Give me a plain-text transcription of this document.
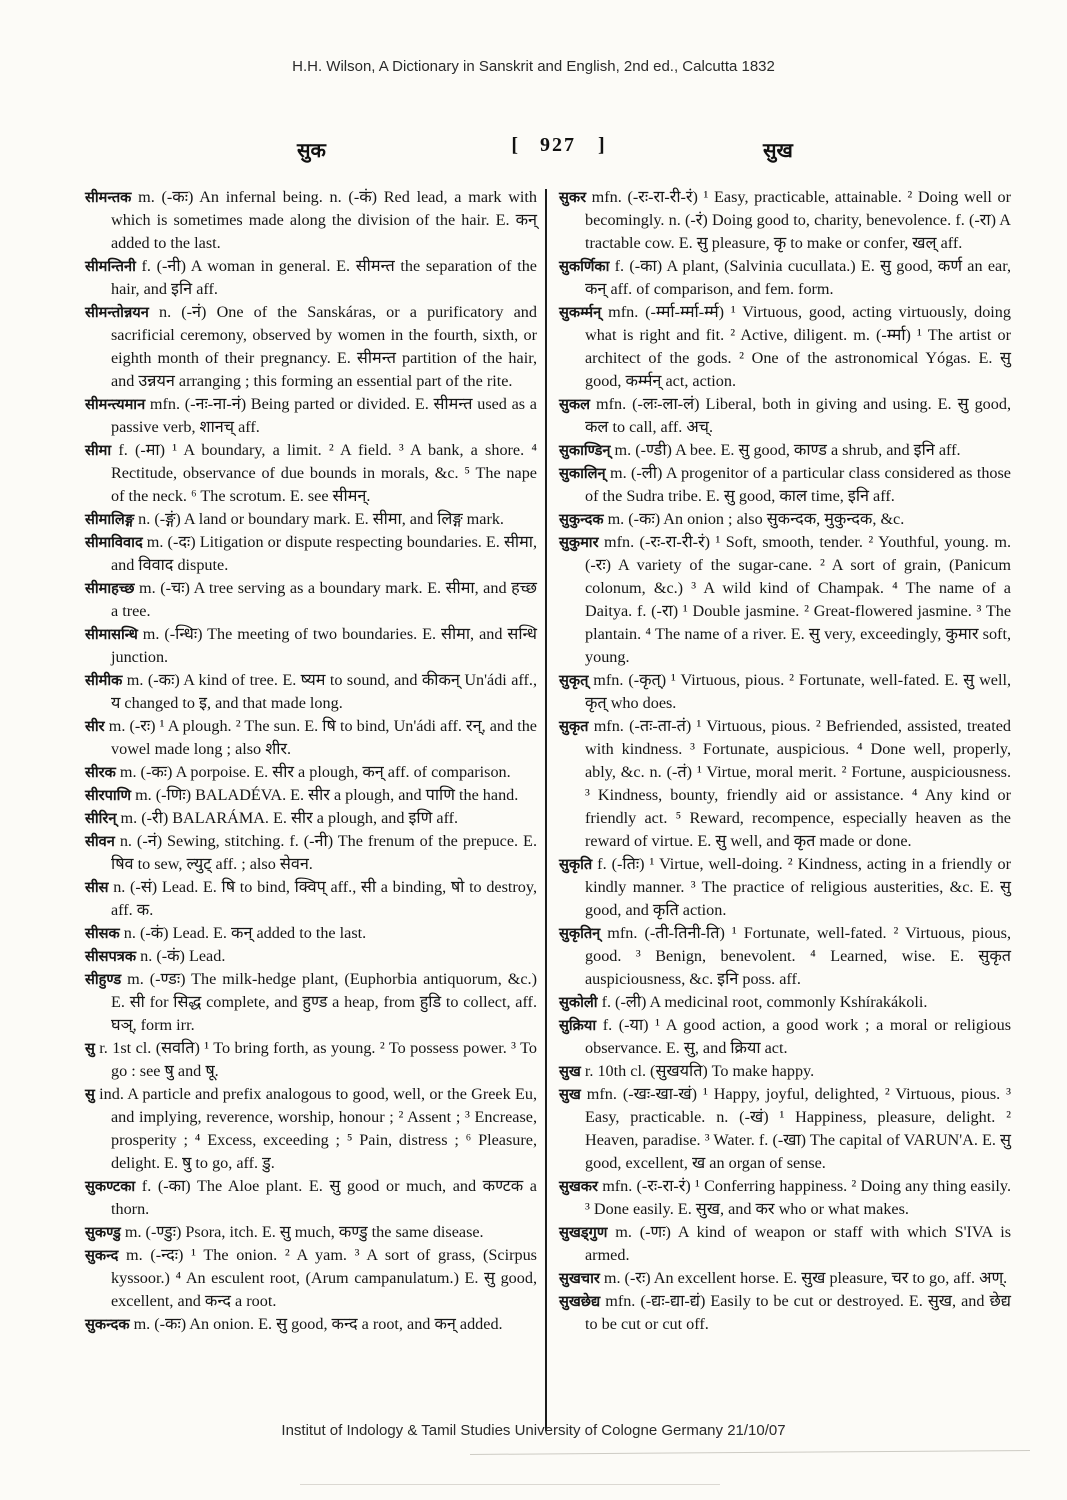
H.H. Wilson, A Dictionary in Sanskrit and English, 2nd ed., Calcutta 1832
सुक	[ 927 ]	सुख
सीमन्तक m. (-कः) An infernal being. n. (-कं) Red lead, a mark with which is sometimes made along the division of the hair. E. कन् added to the last.
सीमन्तिनी f. (-नी) A woman in general. E. सीमन्त the separation of the hair, and इनि aff.
सीमन्तोन्नयन n. (-नं) One of the Sanskáras, or a purificatory and sacrificial ceremony, observed by women in the fourth, sixth, or eighth month of their pregnancy. E. सीमन्त partition of the hair, and उन्नयन arranging ; this forming an essential part of the rite.
सीमन्त्यमान mfn. (-नः-ना-नं) Being parted or divided. E. सीमन्त used as a passive verb, शानच् aff.
सीमा f. (-मा) ¹ A boundary, a limit. ² A field. ³ A bank, a shore. ⁴ Rectitude, observance of due bounds in morals, &c. ⁵ The nape of the neck. ⁶ The scrotum. E. see सीमन्.
सीमालिङ्ग n. (-ङ्गं) A land or boundary mark. E. सीमा, and लिङ्ग mark.
सीमाविवाद m. (-दः) Litigation or dispute respecting boundaries. E. सीमा, and विवाद dispute.
सीमाहच्छ m. (-चः) A tree serving as a boundary mark. E. सीमा, and हच्छ a tree.
सीमासन्धि m. (-न्धिः) The meeting of two boundaries. E. सीमा, and सन्धि junction.
सीमीक m. (-कः) A kind of tree. E. ष्यम to sound, and कीकन् Un'ádi aff., य changed to इ, and that made long.
सीर m. (-रः) ¹ A plough. ² The sun. E. षि to bind, Un'ádi aff. रन्, and the vowel made long ; also शीर.
सीरक m. (-कः) A porpoise. E. सीर a plough, कन् aff. of comparison.
सीरपाणि m. (-णिः) BALADÉVA. E. सीर a plough, and पाणि the hand.
सीरिन् m. (-री) BALARÁMA. E. सीर a plough, and इणि aff.
सीवन n. (-नं) Sewing, stitching. f. (-नी) The frenum of the prepuce. E. षिव to sew, ल्युट् aff. ; also सेवन.
सीस n. (-सं) Lead. E. षि to bind, क्विप् aff., सी a binding, षो to destroy, aff. क.
सीसक n. (-कं) Lead. E. कन् added to the last.
सीसपत्रक n. (-कं) Lead.
सीहुण्ड m. (-ण्डः) The milk-hedge plant, (Euphorbia antiquorum, &c.) E. सी for सिद्ध complete, and हुण्ड a heap, from हुडि to collect, aff. घञ्, form irr.
सु r. 1st cl. (सवति) ¹ To bring forth, as young. ² To possess power. ³ To go : see षु and षू.
सु ind. A particle and prefix analogous to good, well, or the Greek Eu, and implying, reverence, worship, honour ; ² Assent ; ³ Encrease, prosperity ; ⁴ Excess, exceeding ; ⁵ Pain, distress ; ⁶ Pleasure, delight. E. षु to go, aff. डु.
सुकण्टका f. (-का) The Aloe plant. E. सु good or much, and कण्टक a thorn.
सुकण्डु m. (-ण्डुः) Psora, itch. E. सु much, कण्डु the same disease.
सुकन्द m. (-न्दः) ¹ The onion. ² A yam. ³ A sort of grass, (Scirpus kyssoor.) ⁴ An esculent root, (Arum campanulatum.) E. सु good, excellent, and कन्द a root.
सुकन्दक m. (-कः) An onion. E. सु good, कन्द a root, and कन् added.
सुकर mfn. (-रः-रा-री-रं) ¹ Easy, practicable, attainable. ² Doing well or becomingly. n. (-रं) Doing good to, charity, benevolence. f. (-रा) A tractable cow. E. सु pleasure, कृ to make or confer, खल् aff.
सुकर्णिका f. (-का) A plant, (Salvinia cucullata.) E. सु good, कर्ण an ear, कन् aff. of comparison, and fem. form.
सुकर्म्मन् mfn. (-र्म्मा-र्म्मा-र्म्म) ¹ Virtuous, good, acting virtuously, doing what is right and fit. ² Active, diligent. m. (-र्म्मा) ¹ The artist or architect of the gods. ² One of the astronomical Yógas. E. सु good, कर्म्मन् act, action.
सुकल mfn. (-लः-ला-लं) Liberal, both in giving and using. E. सु good, कल to call, aff. अच्.
सुकाण्डिन् m. (-ण्डी) A bee. E. सु good, काण्ड a shrub, and इनि aff.
सुकालिन् m. (-ली) A progenitor of a particular class considered as those of the Sudra tribe. E. सु good, काल time, इनि aff.
सुकुन्दक m. (-कः) An onion ; also सुकन्दक, मुकुन्दक, &c.
सुकुमार mfn. (-रः-रा-री-रं) ¹ Soft, smooth, tender. ² Youthful, young. m. (-रः) A variety of the sugar-cane. ² A sort of grain, (Panicum colonum, &c.) ³ A wild kind of Champak. ⁴ The name of a Daitya. f. (-रा) ¹ Double jasmine. ² Great-flowered jasmine. ³ The plantain. ⁴ The name of a river. E. सु very, exceedingly, कुमार soft, young.
सुकृत् mfn. (-कृत्) ¹ Virtuous, pious. ² Fortunate, well-fated. E. सु well, कृत् who does.
सुकृत mfn. (-तः-ता-तं) ¹ Virtuous, pious. ² Befriended, assisted, treated with kindness. ³ Fortunate, auspicious. ⁴ Done well, properly, ably, &c. n. (-तं) ¹ Virtue, moral merit. ² Fortune, auspiciousness. ³ Kindness, bounty, friendly aid or assistance. ⁴ Any kind or friendly act. ⁵ Reward, recompence, especially heaven as the reward of virtue. E. सु well, and कृत made or done.
सुकृति f. (-तिः) ¹ Virtue, well-doing. ² Kindness, acting in a friendly or kindly manner. ³ The practice of religious austerities, &c. E. सु good, and कृति action.
सुकृतिन् mfn. (-ती-तिनी-ति) ¹ Fortunate, well-fated. ² Virtuous, pious, good. ³ Benign, benevolent. ⁴ Learned, wise. E. सुकृत auspiciousness, &c. इनि poss. aff.
सुकोली f. (-ली) A medicinal root, commonly Kshírakákoli.
सुक्रिया f. (-या) ¹ A good action, a good work ; a moral or religious observance. E. सु, and क्रिया act.
सुख r. 10th cl. (सुखयति) To make happy.
सुख mfn. (-खः-खा-खं) ¹ Happy, joyful, delighted, ² Virtuous, pious. ³ Easy, practicable. n. (-खं) ¹ Happiness, pleasure, delight. ² Heaven, paradise. ³ Water. f. (-खा) The capital of VARUN'A. E. सु good, excellent, ख an organ of sense.
सुखकर mfn. (-रः-रा-रं) ¹ Conferring happiness. ² Doing any thing easily. ³ Done easily. E. सुख, and कर who or what makes.
सुखड्गुण m. (-णः) A kind of weapon or staff with which S'IVA is armed.
सुखचार m. (-रः) An excellent horse. E. सुख pleasure, चर to go, aff. अण्.
सुखछेद्य mfn. (-द्यः-द्या-द्यं) Easily to be cut or destroyed. E. सुख, and छेद्य to be cut or cut off.
Institut of Indology & Tamil Studies University of Cologne Germany 21/10/07
